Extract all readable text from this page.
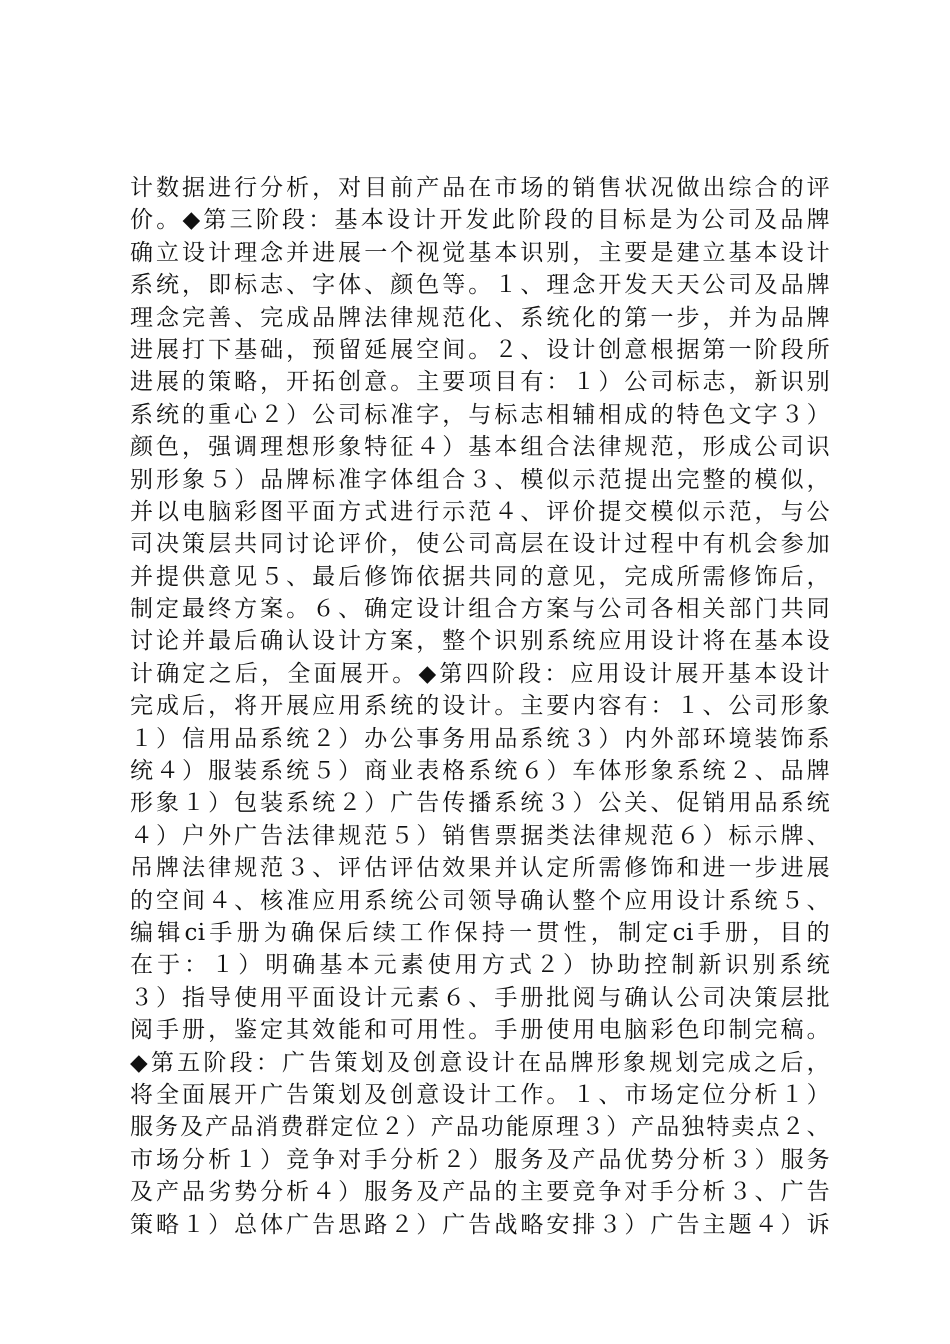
计数据进行分析，对目前产品在市场的销售状况做出综合的评
价。◆第三阶段：基本设计开发此阶段的目标是为公司及品牌
确立设计理念并进展一个视觉基本识别，主要是建立基本设计
系统，即标志、字体、颜色等。１、理念开发天天公司及品牌
理念完善、完成品牌法律规范化、系统化的第一步，并为品牌
进展打下基础，预留延展空间。２、设计创意根据第一阶段所
进展的策略，开拓创意。主要项目有：１）公司标志，新识别
系统的重心２）公司标准字，与标志相辅相成的特色文字３）
颜色，强调理想形象特征４）基本组合法律规范，形成公司识
别形象５）品牌标准字体组合３、模似示范提出完整的模似，
并以电脑彩图平面方式进行示范４、评价提交模似示范，与公
司决策层共同讨论评价，使公司高层在设计过程中有机会参加
并提供意见５、最后修饰依据共同的意见，完成所需修饰后，
制定最终方案。６、确定设计组合方案与公司各相关部门共同
讨论并最后确认设计方案，整个识别系统应用设计将在基本设
计确定之后，全面展开。◆第四阶段：应用设计展开基本设计
完成后，将开展应用系统的设计。主要内容有：１、公司形象
１）信用品系统２）办公事务用品系统３）内外部环境装饰系
统４）服装系统５）商业表格系统６）车体形象系统２、品牌
形象１）包装系统２）广告传播系统３）公关、促销用品系统
４）户外广告法律规范５）销售票据类法律规范６）标示牌、
吊牌法律规范３、评估评估效果并认定所需修饰和进一步进展
的空间４、核准应用系统公司领导确认整个应用设计系统５、
编辑ci手册为确保后续工作保持一贯性，制定ci手册，目的
在于：１）明确基本元素使用方式２）协助控制新识别系统
３）指导使用平面设计元素６、手册批阅与确认公司决策层批
阅手册，鉴定其效能和可用性。手册使用电脑彩色印制完稿。
◆第五阶段：广告策划及创意设计在品牌形象规划完成之后，
将全面展开广告策划及创意设计工作。１、市场定位分析１）
服务及产品消费群定位２）产品功能原理３）产品独特卖点２、
市场分析１）竞争对手分析２）服务及产品优势分析３）服务
及产品劣势分析４）服务及产品的主要竞争对手分析３、广告
策略１）总体广告思路２）广告战略安排３）广告主题４）诉
